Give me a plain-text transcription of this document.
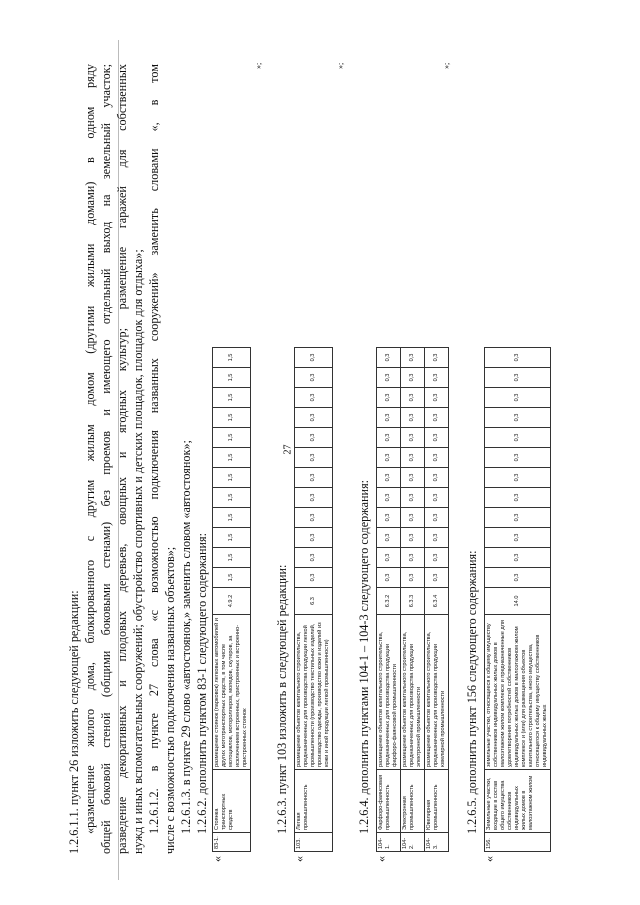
27
1.2.6.1.1. пункт 26 изложить следующей редакции: «размещение жилого дома, блокированного с другим жилым домом (другими жилыми домами) в одном ряду общей боковой стеной (общими боковыми стенами) без проемов и имеющего отдельный выход на земельный участок; разведение декоративных и плодовых деревьев, овощных и ягодных культур; размещение гаражей для собственных нужд и иных вспомогательных сооружений; обустройство спортивных и детских площадок, площадок для отдыха»; 1.2.6.1.2. в пункте 27 слова «с возможностью подключения названных сооружений» заменить словами «, в том числе с возможностью подключения названных объектов»; 1.2.6.1.3. в пункте 29 слово «автостоянок,» заменить словом «автостоянок»; 1.2.6.2. дополнить пунктом 83-1 следующего содержания:
«
83-1.	Стоянка транспортных средств	размещение стоянок (парковок) легковых автомобилей и других мототранспортных средств, в том числе мотоциклов, мотороллеров, мопедов, скутеров, за исключением встроенных, пристроенных и встроенно-пристроенных стоянок	4.9.2	1,5	1,5	1,5	1,5	1,5	1,5	1,5	1,5	1,5	1,5	1,5	1,5
»;
1.2.6.3. пункт 103 изложить в следующей редакции:
«
103.	Легкая промышленность	размещение объектов капитального строительства, предназначенных для производства продукции легкой промышленности (производство текстильных изделий, производство одежды, производство кожи и изделий из кожи и иной продукции легкой промышленности)	6.3	0,3	0,3	0,3	0,3	0,3	0,3	0,3	0,3	0,3	0,3	0,3	0,3
»;
1.2.6.4. дополнить пунктами 104-1 – 104-3 следующего содержания:
«
104-1.	Фарфоро-фаянсовая промышленность	размещение объектов капитального строительства, предназначенных для производства продукции фарфоро-фаянсовой промышленности	6.3.2	0,3	0,3	0,3	0,3	0,3	0,3	0,3	0,3	0,3	0,3	0,3	0,3
104-2.	Электронная промышленность	размещение объектов капитального строительства, предназначенных для производства продукции электронной промышленности	6.3.3	0,3	0,3	0,3	0,3	0,3	0,3	0,3	0,3	0,3	0,3	0,3	0,3
104-3.	Ювелирная промышленность	размещение объектов капитального строительства, предназначенных для производства продукции ювелирной промышленности	6.3.4	0,3	0,3	0,3	0,3	0,3	0,3	0,3	0,3	0,3	0,3	0,3	0,3
»;
1.2.6.5. дополнить пункт 156 следующего содержания:
«
156.	Земельные участки, входящие в состав общего имущества собственников индивидуальных жилых домов в малоэтажном жилом	земельные участки, относящиеся к общему имуществу собственников индивидуальных жилых домов в малоэтажном жилом комплексе и предназначенные для удовлетворения потребностей собственников индивидуальных жилых домов в малоэтажном жилом комплексе и (или) для размещения объектов капитального строительства, иного имущества, относящегося к общему имуществу собственников индивидуальных жилых	14.0	0,3	0,3	0,3	0,3	0,3	0,3	0,3	0,3	0,3	0,3	0,3	0,3
